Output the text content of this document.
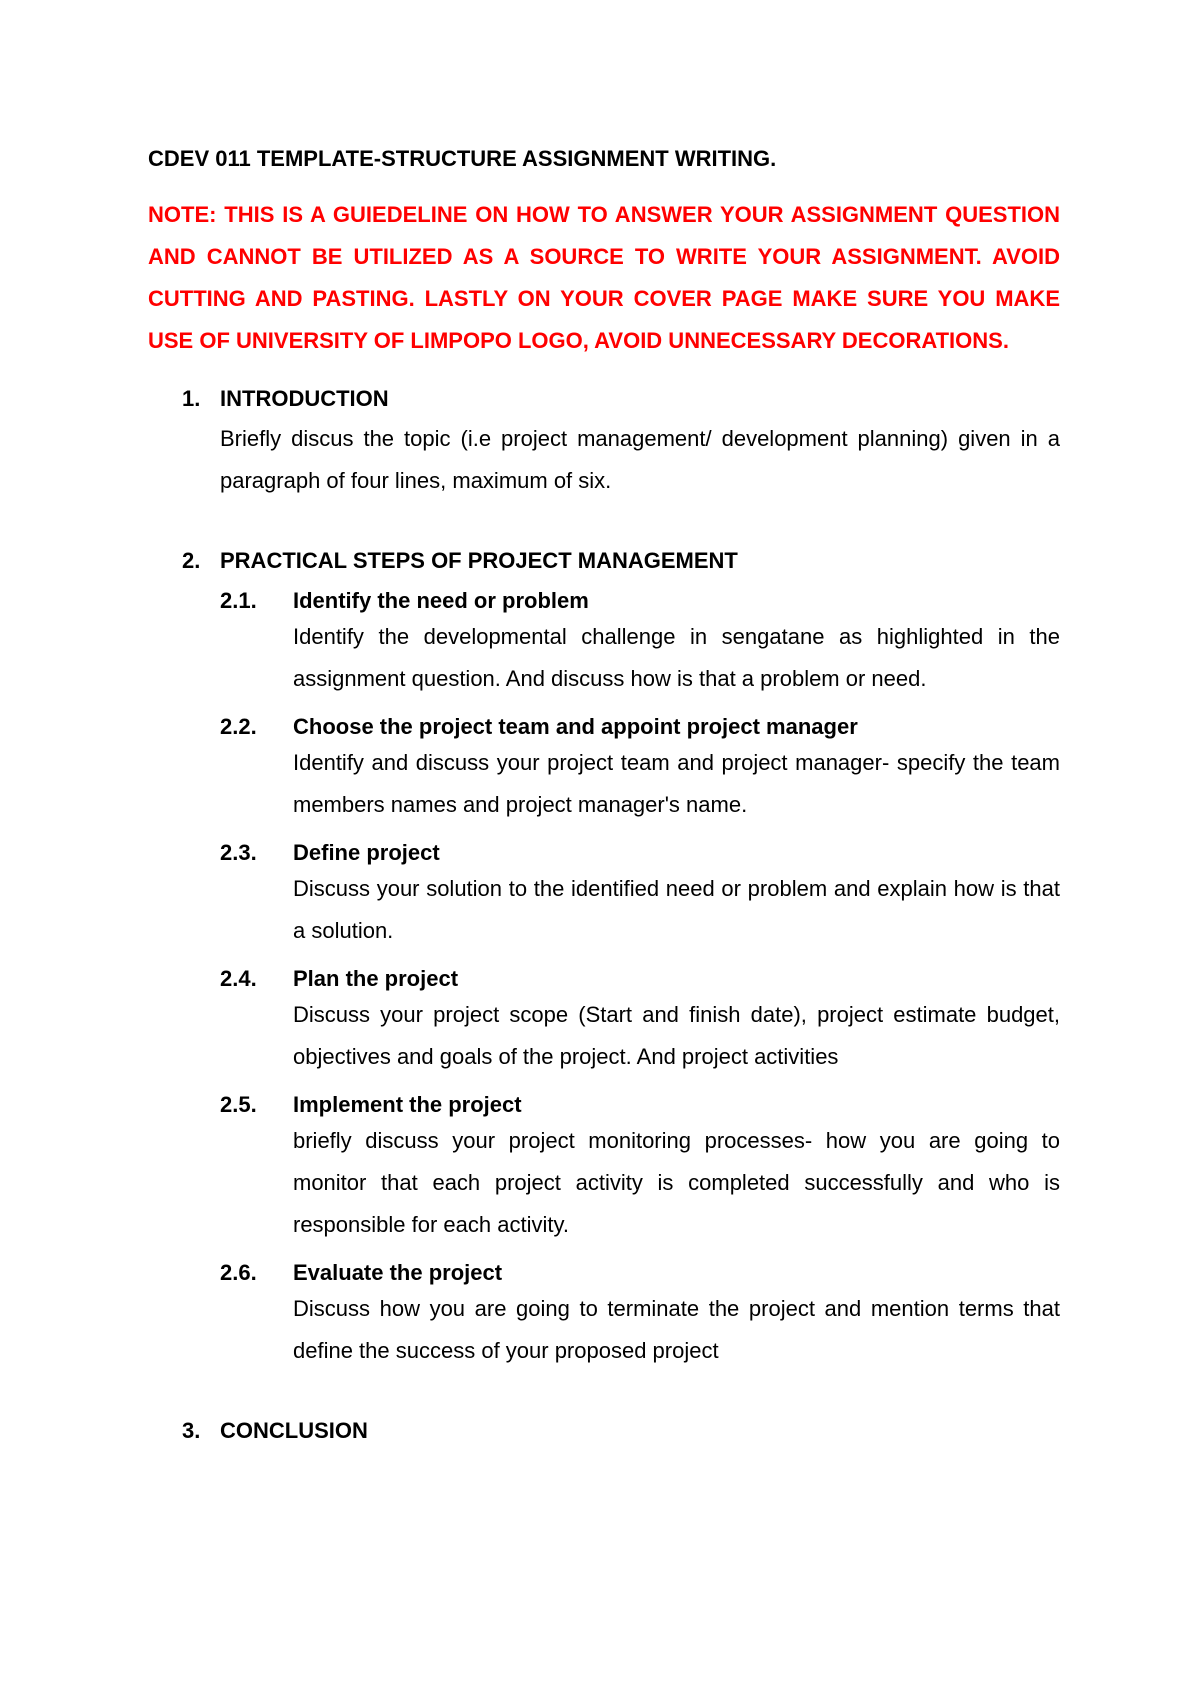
CDEV 011 TEMPLATE-STRUCTURE ASSIGNMENT WRITING.

NOTE: THIS IS A GUIEDELINE ON HOW TO ANSWER YOUR ASSIGNMENT QUESTION AND CANNOT BE UTILIZED AS A SOURCE TO WRITE YOUR ASSIGNMENT. AVOID CUTTING AND PASTING. LASTLY ON YOUR COVER PAGE MAKE SURE YOU MAKE USE OF UNIVERSITY OF LIMPOPO LOGO, AVOID UNNECESSARY DECORATIONS.
1. INTRODUCTION
Briefly discus the topic (i.e project management/ development planning) given in a paragraph of four lines, maximum of six.
2. PRACTICAL STEPS OF PROJECT MANAGEMENT
2.1.	Identify the need or problem
Identify the developmental challenge in sengatane as highlighted in the assignment question. And discuss how is that a problem or need.
2.2.	Choose the project team and appoint project manager
Identify and discuss your project team and project manager- specify the team members names and project manager's name.
2.3.	Define project
Discuss your solution to the identified need or problem and explain how is that a solution.
2.4.	Plan the project
Discuss your project scope (Start and finish date), project estimate budget, objectives and goals of the project. And project activities
2.5.	Implement the project
briefly discuss your project monitoring processes- how you are going to monitor that each project activity is completed successfully and who is responsible for each activity.
2.6.	Evaluate the project
Discuss how you are going to terminate the project and mention terms that define the success of your proposed project
3. CONCLUSION
